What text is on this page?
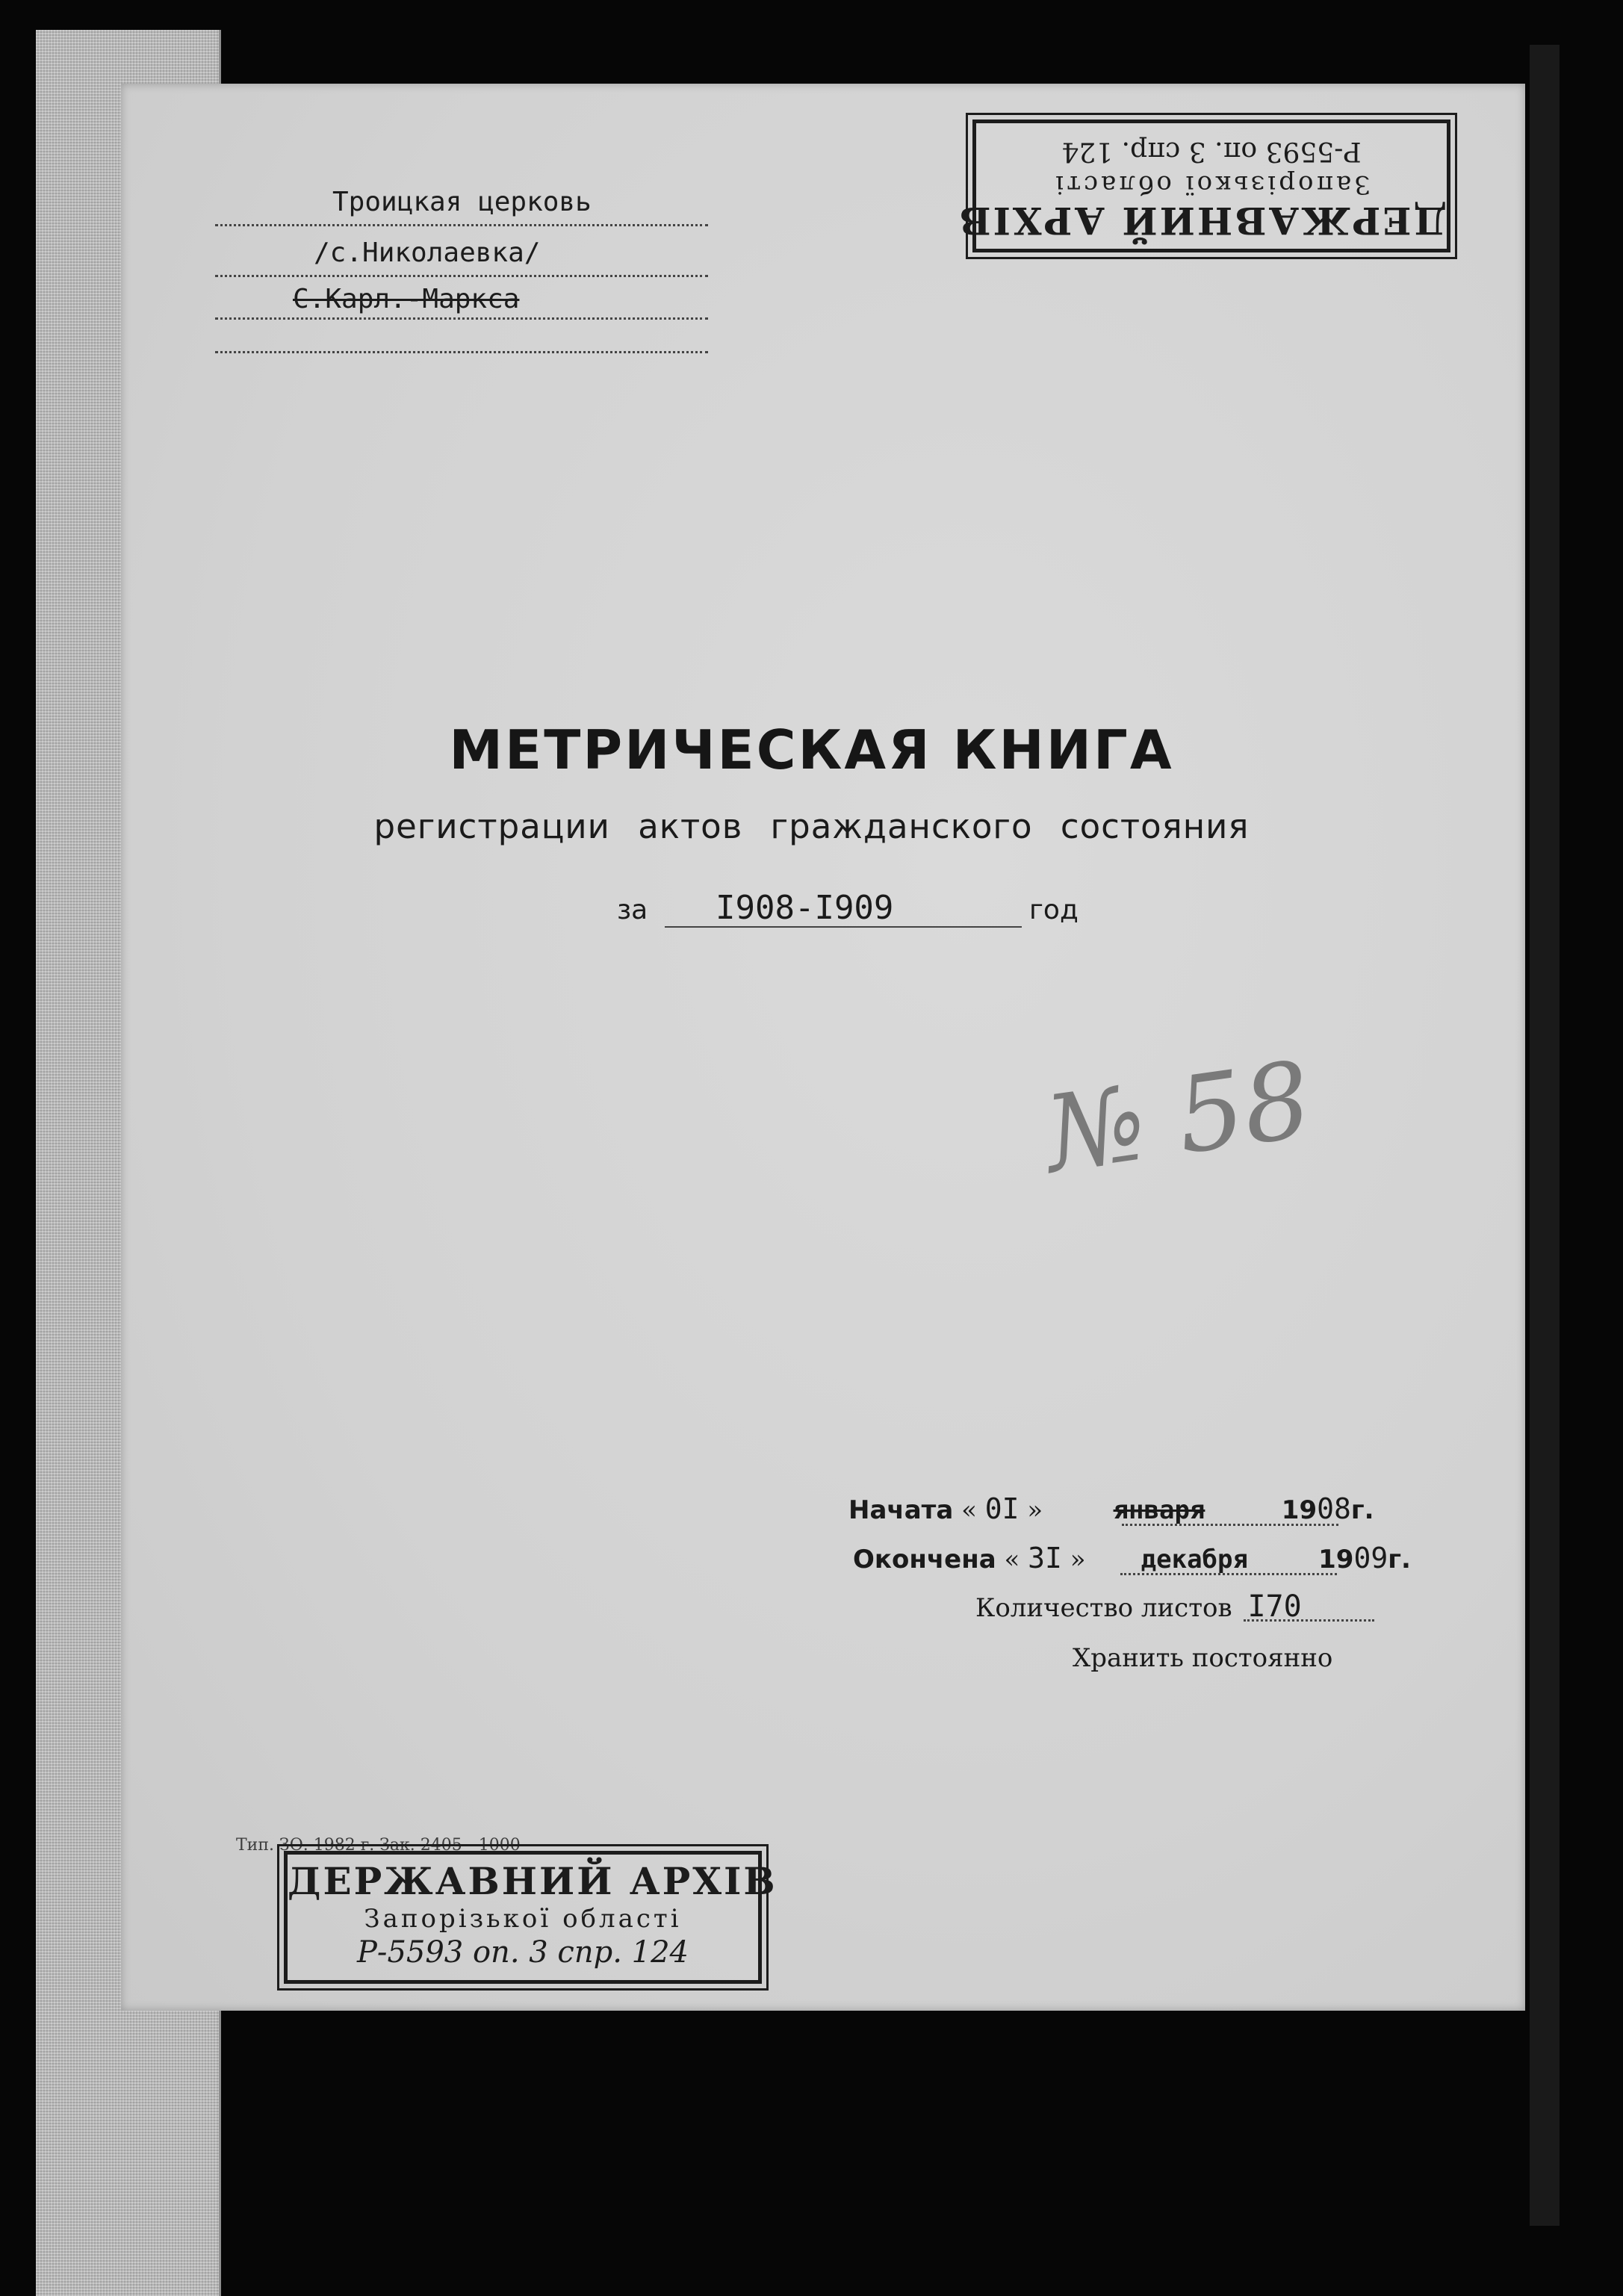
Троицкая церковь
/с.Николаевка/
С.Карл.-Маркса
ДЕРЖАВНИЙ АРХІВ
Запорізької області
Р-5593 оп. 3 спр. 124
МЕТРИЧЕСКАЯ КНИГА
регистрации актов гражданского состояния
за I908-I909	год
№ 58
Начата « 0I »	января	1908г.
Окончена « 3I » декабря	1909г.
Количество листов I70
Хранить постоянно
Тип. ЗО. 1982 г. Зак. 2405—1000
ДЕРЖАВНИЙ АРХІВ
Запорізької області
Р-5593 оп. 3 спр. 124
